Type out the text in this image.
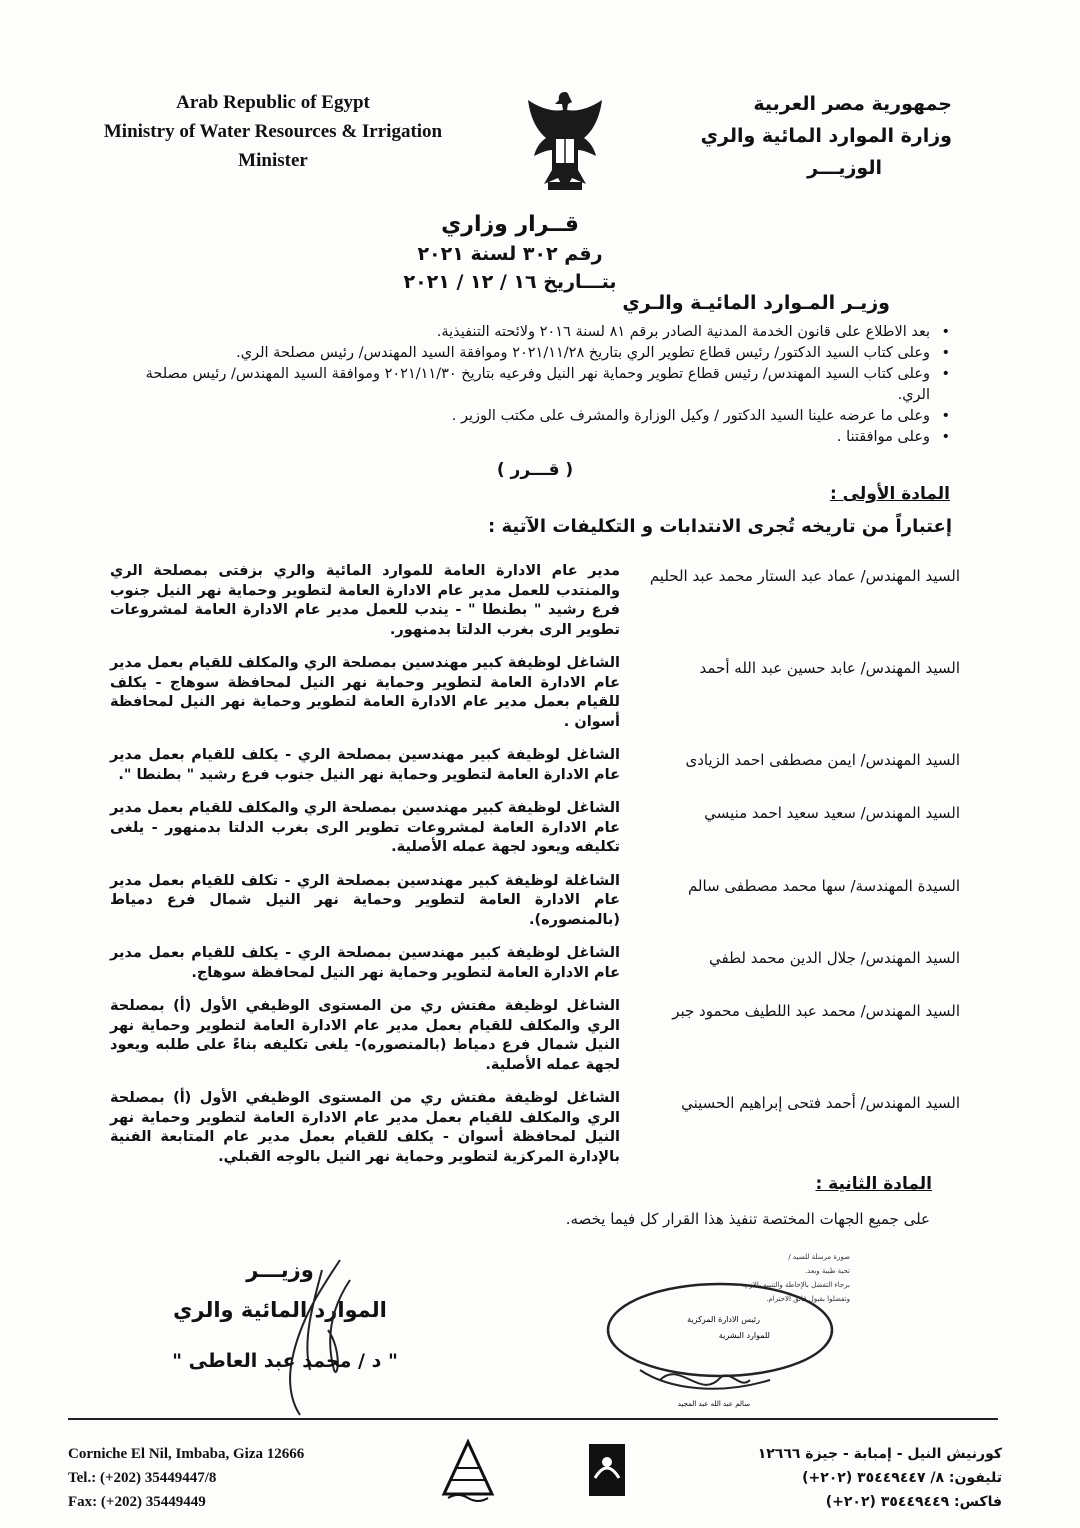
Arab Republic of Egypt
Ministry of Water Resources & Irrigation
Minister
جمهورية مصر العربية
وزارة الموارد المائية والري
الوزيـــر
قــرار وزاري
رقم ٣٠٢ لسنة ٢٠٢١
بتـــاريخ ١٦ / ١٢ / ٢٠٢١
وزيـر المـوارد المائيـة والـري
• بعد الاطلاع على قانون الخدمة المدنية الصادر برقم ٨١ لسنة ٢٠١٦ ولائحته التنفيذية.
• وعلى كتاب السيد الدكتور/ رئيس قطاع تطوير الري بتاريخ ٢٠٢١/١١/٢٨ وموافقة السيد المهندس/ رئيس مصلحة الري.
• وعلى كتاب السيد المهندس/ رئيس قطاع تطوير وحماية نهر النيل وفرعيه بتاريخ ٢٠٢١/١١/٣٠ وموافقة السيد المهندس/ رئيس مصلحة الري.
• وعلى ما عرضه علينا السيد الدكتور / وكيل الوزارة والمشرف على مكتب الوزير .
• وعلى موافقتنا .
( قـــرر )
المادة الأولى :
إعتباراً من تاريخه تُجرى الانتدابات و التكليفات الآتية :
السيد المهندس/ عماد عبد الستار محمد عبد الحليم
مدير عام الادارة العامة للموارد المائية والري بزفتى بمصلحة الري والمنتدب للعمل مدير عام الادارة العامة لتطوير وحماية نهر النيل جنوب فرع رشيد " بطنطا " - يندب للعمل مدير عام الادارة العامة لمشروعات تطوير الرى بغرب الدلتا بدمنهور.
السيد المهندس/ عابد حسين عبد الله أحمد
الشاغل لوظيفة كبير مهندسين بمصلحة الري والمكلف للقيام بعمل مدير عام الادارة العامة لتطوير وحماية نهر النيل لمحافظة سوهاج - يكلف للقيام بعمل مدير عام الادارة العامة لتطوير وحماية نهر النيل لمحافظة أسوان .
السيد المهندس/ ايمن مصطفى احمد الزيادى
الشاغل لوظيفة كبير مهندسين بمصلحة الري - يكلف للقيام بعمل مدير عام الادارة العامة لتطوير وحماية نهر النيل جنوب فرع رشيد " بطنطا ".
السيد المهندس/ سعيد سعيد احمد منيسي
الشاغل لوظيفة كبير مهندسين بمصلحة الري والمكلف للقيام بعمل مدير عام الادارة العامة لمشروعات تطوير الرى بغرب الدلتا بدمنهور - يلغى تكليفه ويعود لجهة عمله الأصلية.
السيدة المهندسة/ سها محمد مصطفى سالم
الشاغلة لوظيفة كبير مهندسين بمصلحة الري - تكلف للقيام بعمل مدير عام الادارة العامة لتطوير وحماية نهر النيل شمال فرع دمياط (بالمنصوره).
السيد المهندس/ جلال الدين محمد لطفي
الشاغل لوظيفة كبير مهندسين بمصلحة الري - يكلف للقيام بعمل مدير عام الادارة العامة لتطوير وحماية نهر النيل لمحافظة سوهاج.
السيد المهندس/ محمد عبد اللطيف محمود جبر
الشاغل لوظيفة مفتش ري من المستوى الوظيفي الأول (أ) بمصلحة الري والمكلف للقيام بعمل مدير عام الادارة العامة لتطوير وحماية نهر النيل شمال فرع دمياط (بالمنصوره)- يلغى تكليفه بناءً على طلبه ويعود لجهة عمله الأصلية.
السيد المهندس/ أحمد فتحى إبراهيم الحسيني
الشاغل لوظيفة مفتش ري من المستوى الوظيفي الأول (أ) بمصلحة الري والمكلف للقيام بعمل مدير عام الادارة العامة لتطوير وحماية نهر النيل لمحافظة أسوان - يكلف للقيام بعمل مدير عام المتابعة الفنية بالإدارة المركزية لتطوير وحماية نهر النيل بالوجه القبلي.
المادة الثانية :
على جميع الجهات المختصة تنفيذ هذا القرار كل فيما يخصه.
وزيـــر
الموارد المائية والري
" د / محمد عبد العاطى "
صورة مرسلة للسيد /
تحية طيبة وبعد.
برجاء التفضل بالإحاطة والتنبيه بالازم.
وتفضلوا بقبول فائق الاحترام.
رئيس الادارة المركزية
للموارد البشرية
سالم عبد الله عبد المجيد
Corniche El Nil, Imbaba, Giza 12666
Tel.: (+202) 35449447/8
Fax: (+202) 35449449
كورنيش النيل - إمبابة - جيزة ١٢٦٦٦
تليفون: ٨/ ٣٥٤٤٩٤٤٧ (٢٠٢+)
فاكس: ٣٥٤٤٩٤٤٩ (٢٠٢+)
